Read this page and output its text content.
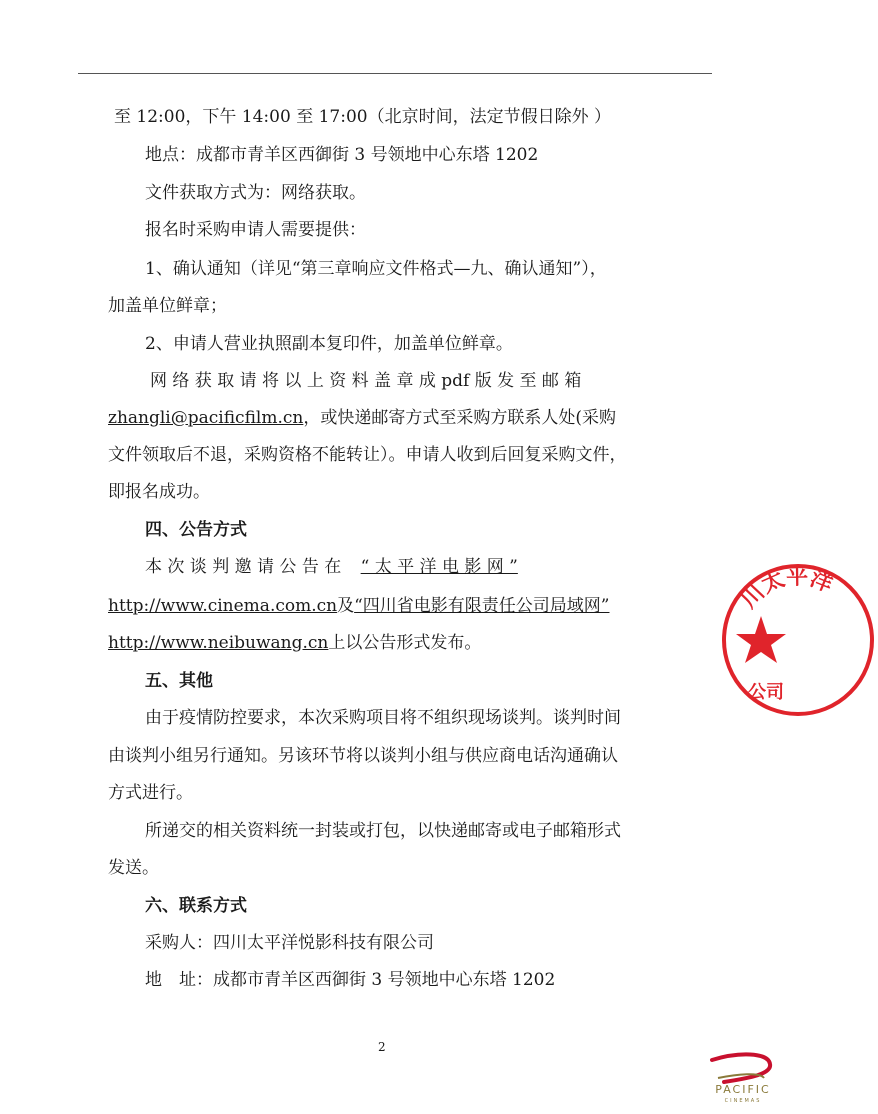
至 12:00，下午 14:00 至 17:00（北京时间，法定节假日除外 ）
地点：成都市青羊区西御街 3 号领地中心东塔 1202
文件获取方式为：网络获取。
报名时采购申请人需要提供：
1、确认通知（详见“第三章响应文件格式—九、确认通知”），
加盖单位鲜章；
2、申请人营业执照副本复印件，加盖单位鲜章。
网 络 获 取 请 将 以 上 资 料 盖 章 成 pdf 版 发 至 邮 箱
zhangli@pacificfilm.cn，或快递邮寄方式至采购方联系人处(采购
文件领取后不退，采购资格不能转让）。申请人收到后回复采购文件，
即报名成功。
四、公告方式
本 次 谈 判 邀 请 公 告 在 “ 太 平 洋 电 影 网 ”
http://www.cinema.com.cn及“四川省电影有限责任公司局域网”
http://www.neibuwang.cn上以公告形式发布。
五、其他
由于疫情防控要求，本次采购项目将不组织现场谈判。谈判时间
由谈判小组另行通知。另该环节将以谈判小组与供应商电话沟通确认
方式进行。
所递交的相关资料统一封装或打包，以快递邮寄或电子邮箱形式
发送。
六、联系方式
采购人：四川太平洋悦影科技有限公司
地　址：成都市青羊区西御街 3 号领地中心东塔 1202
2
川太平洋
公司
PACIFIC
CINEMAS
